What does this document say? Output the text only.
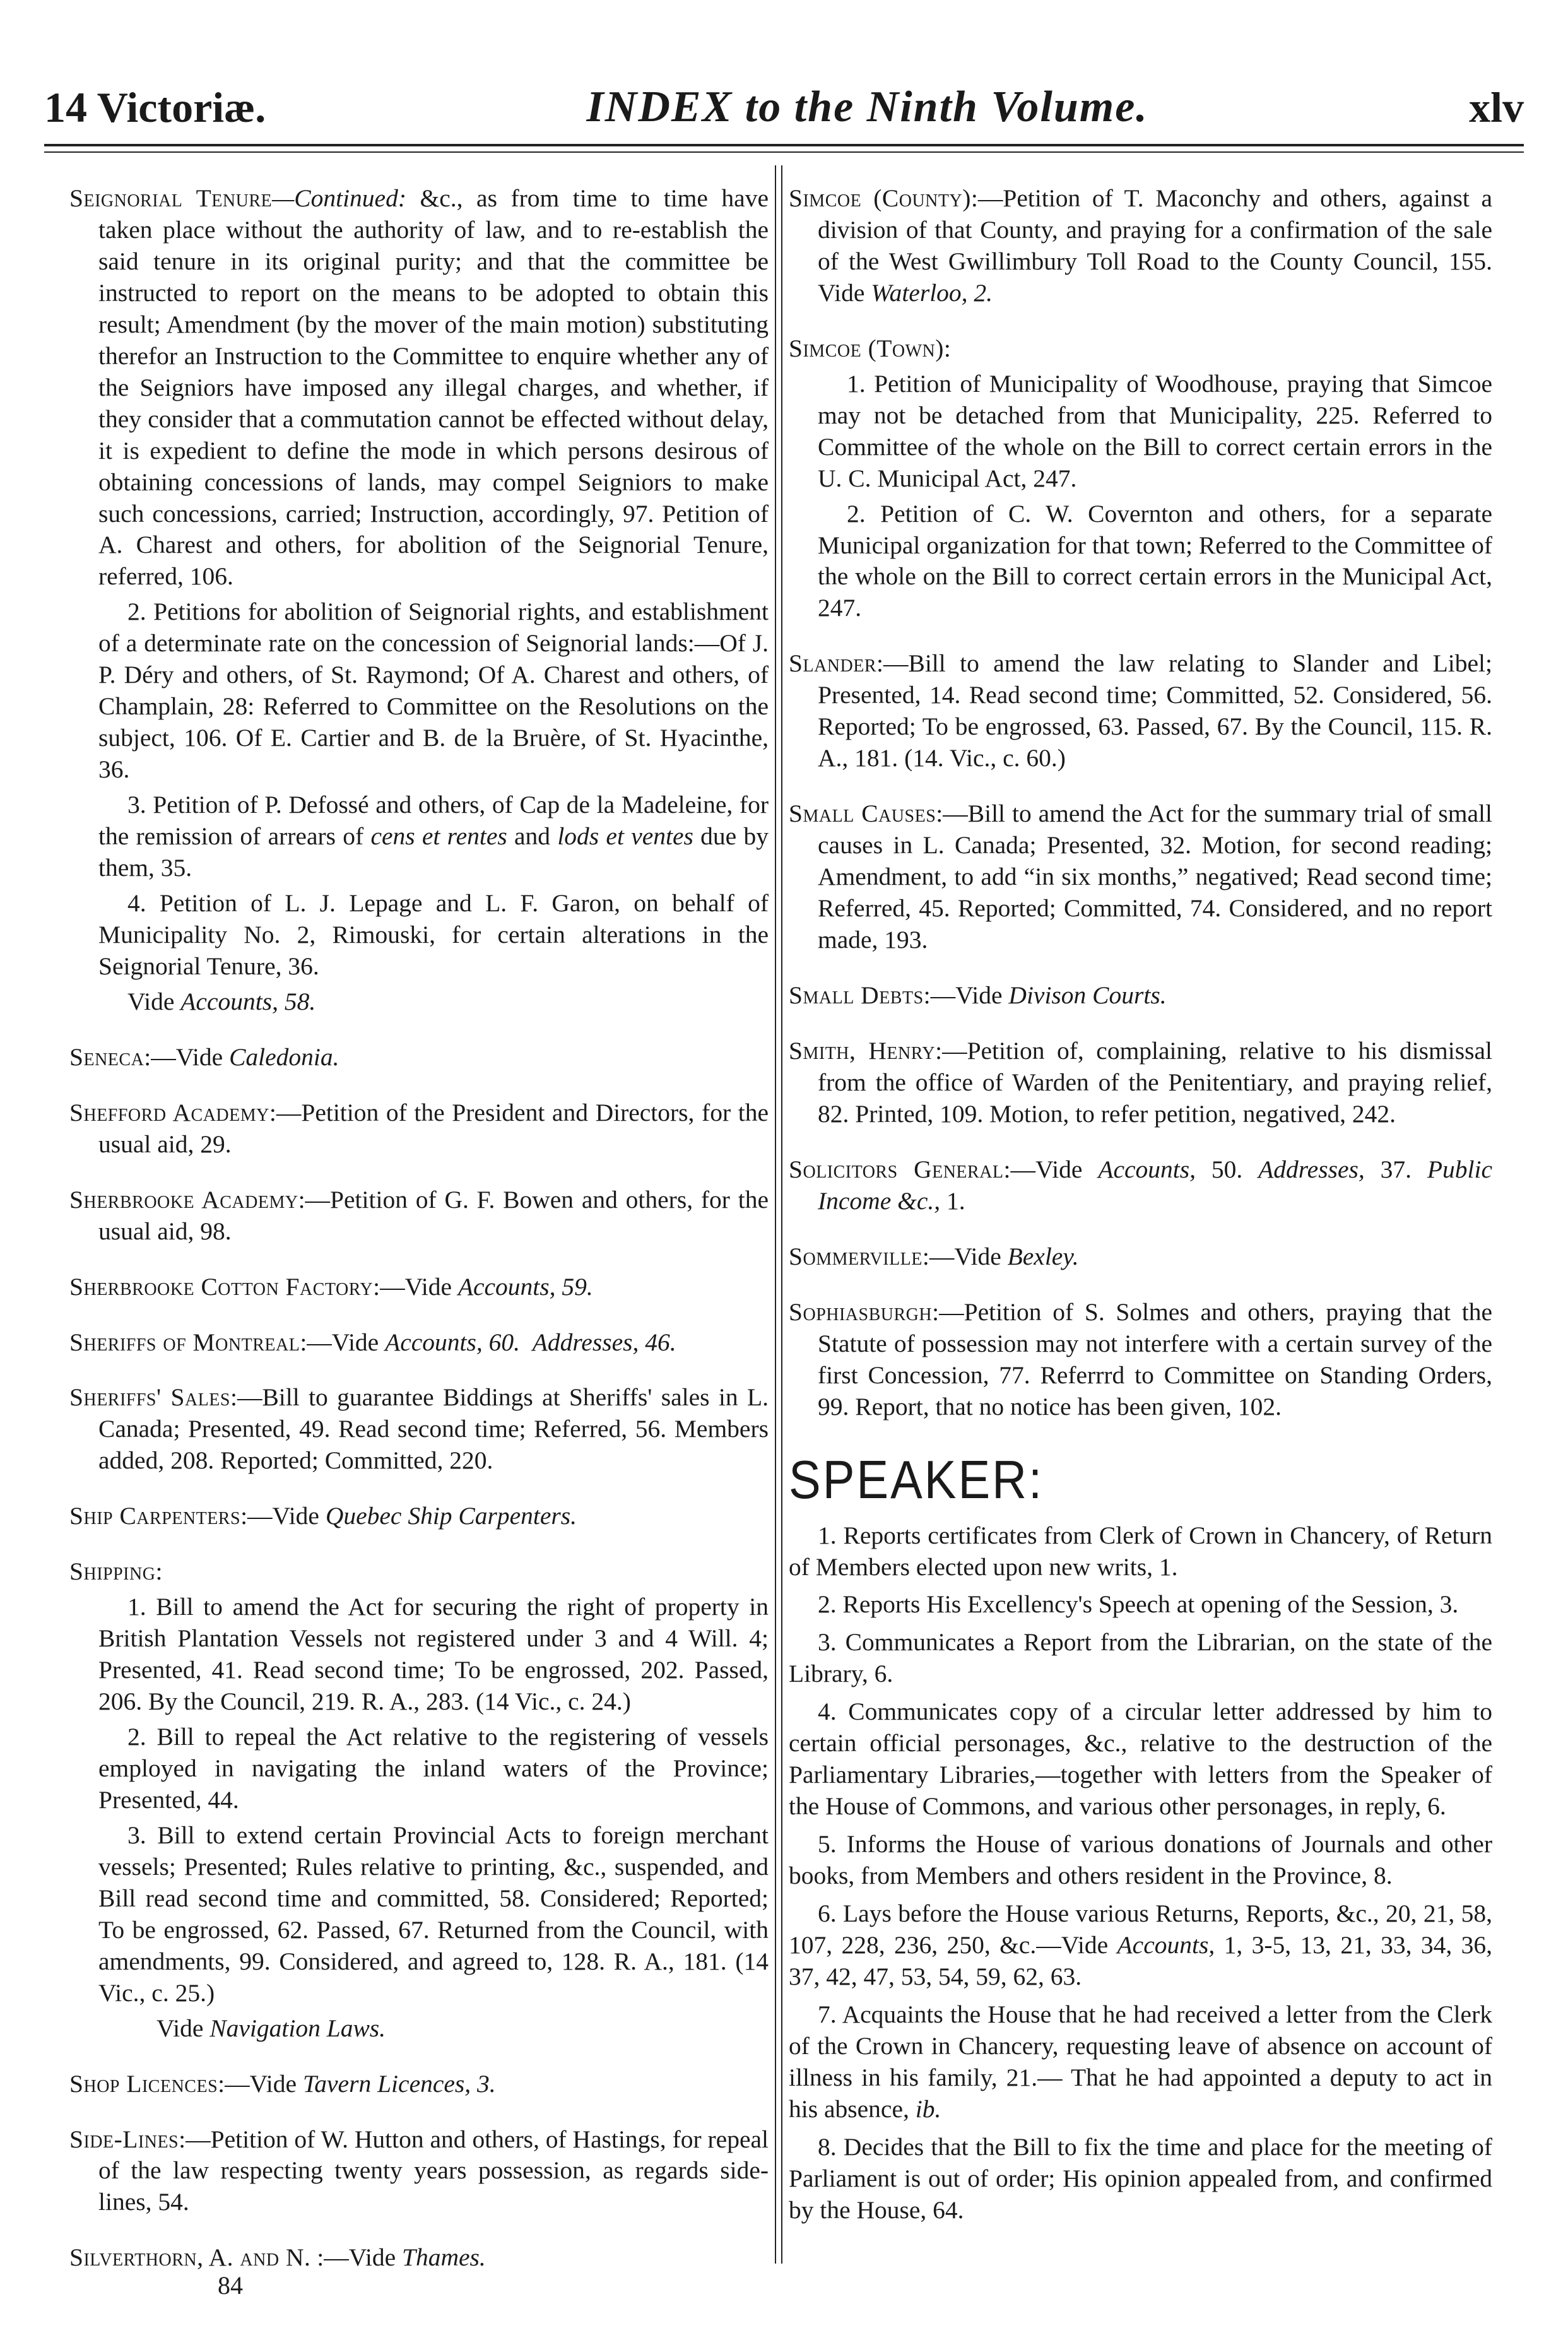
14 Victoriæ.	INDEX to the Ninth Volume.	xlv

Seignorial Tenure—Continued: &c., as from time to time have taken place without the authority of law, and to re-establish the said tenure in its original purity; and that the committee be instructed to report on the means to be adopted to obtain this result; Amendment (by the mover of the main motion) substituting therefor an Instruction to the Committee to enquire whether any of the Seigniors have imposed any illegal charges, and whether, if they consider that a commutation cannot be effected without delay, it is expedient to define the mode in which persons desirous of obtaining concessions of lands, may compel Seigniors to make such concessions, carried; Instruction, accordingly, 97. Petition of A. Charest and others, for abolition of the Seignorial Tenure, referred, 106.

2. Petitions for abolition of Seignorial rights, and establishment of a determinate rate on the concession of Seignorial lands:—Of J. P. Déry and others, of St. Raymond; Of A. Charest and others, of Champlain, 28: Referred to Committee on the Resolutions on the subject, 106. Of E. Cartier and B. de la Bruère, of St. Hyacinthe, 36.

3. Petition of P. Defossé and others, of Cap de la Madeleine, for the remission of arrears of cens et rentes and lods et ventes due by them, 35.

4. Petition of L. J. Lepage and L. F. Garon, on behalf of Municipality No. 2, Rimouski, for certain alterations in the Seignorial Tenure, 36.

Vide Accounts, 58.

Seneca:—Vide Caledonia.
Shefford Academy:—Petition of the President and Directors, for the usual aid, 29.
Sherbrooke Academy:—Petition of G. F. Bowen and others, for the usual aid, 98.
Sherbrooke Cotton Factory:—Vide Accounts, 59.
Sheriffs of Montreal:—Vide Accounts, 60. Addresses, 46.
Sheriffs' Sales:—Bill to guarantee Biddings at Sheriffs' sales in L. Canada; Presented, 49. Read second time; Referred, 56. Members added, 208. Reported; Committed, 220.
Ship Carpenters:—Vide Quebec Ship Carpenters.

Shipping:

1. Bill to amend the Act for securing the right of property in British Plantation Vessels not registered under 3 and 4 Will. 4; Presented, 41. Read second time; To be engrossed, 202. Passed, 206. By the Council, 219. R. A., 283. (14 Vic., c. 24.)

2. Bill to repeal the Act relative to the registering of vessels employed in navigating the inland waters of the Province; Presented, 44.

3. Bill to extend certain Provincial Acts to foreign merchant vessels; Presented; Rules relative to printing, &c., suspended, and Bill read second time and committed, 58. Considered; Reported; To be engrossed, 62. Passed, 67. Returned from the Council, with amendments, 99. Considered, and agreed to, 128. R. A., 181. (14 Vic., c. 25.)

Vide Navigation Laws.

Shop Licences:—Vide Tavern Licences, 3.
Side-Lines:—Petition of W. Hutton and others, of Hastings, for repeal of the law respecting twenty years possession, as regards side-lines, 54.
Silverthorn, A. and N. :—Vide Thames.
Simcoe (County):—Petition of T. Maconchy and others, against a division of that County, and praying for a confirmation of the sale of the West Gwillimbury Toll Road to the County Council, 155. Vide Waterloo, 2.

Simcoe (Town):

1. Petition of Municipality of Woodhouse, praying that Simcoe may not be detached from that Municipality, 225. Referred to Committee of the whole on the Bill to correct certain errors in the U. C. Municipal Act, 247.

2. Petition of C. W. Covernton and others, for a separate Municipal organization for that town; Referred to the Committee of the whole on the Bill to correct certain errors in the Municipal Act, 247.

Slander:—Bill to amend the law relating to Slander and Libel; Presented, 14. Read second time; Committed, 52. Considered, 56. Reported; To be engrossed, 63. Passed, 67. By the Council, 115. R. A., 181. (14. Vic., c. 60.)
Small Causes:—Bill to amend the Act for the summary trial of small causes in L. Canada; Presented, 32. Motion, for second reading; Amendment, to add “in six months,” negatived; Read second time; Referred, 45. Reported; Committed, 74. Considered, and no report made, 193.
Small Debts:—Vide Divison Courts.
Smith, Henry:—Petition of, complaining, relative to his dismissal from the office of Warden of the Penitentiary, and praying relief, 82. Printed, 109. Motion, to refer petition, negatived, 242.
Solicitors General:—Vide Accounts, 50. Addresses, 37. Public Income &c., 1.
Sommerville:—Vide Bexley.
Sophiasburgh:—Petition of S. Solmes and others, praying that the Statute of possession may not interfere with a certain survey of the first Concession, 77. Referrrd to Committee on Standing Orders, 99. Report, that no notice has been given, 102.
SPEAKER:

1. Reports certificates from Clerk of Crown in Chancery, of Return of Members elected upon new writs, 1.

2. Reports His Excellency's Speech at opening of the Session, 3.

3. Communicates a Report from the Librarian, on the state of the Library, 6.

4. Communicates copy of a circular letter addressed by him to certain official personages, &c., relative to the destruction of the Parliamentary Libraries,—together with letters from the Speaker of the House of Commons, and various other personages, in reply, 6.

5. Informs the House of various donations of Journals and other books, from Members and others resident in the Province, 8.

6. Lays before the House various Returns, Reports, &c., 20, 21, 58, 107, 228, 236, 250, &c.—Vide Accounts, 1, 3-5, 13, 21, 33, 34, 36, 37, 42, 47, 53, 54, 59, 62, 63.

7. Acquaints the House that he had received a letter from the Clerk of the Crown in Chancery, requesting leave of absence on account of illness in his family, 21.— That he had appointed a deputy to act in his absence, ib.

8. Decides that the Bill to fix the time and place for the meeting of Parliament is out of order; His opinion appealed from, and confirmed by the House, 64.

84
